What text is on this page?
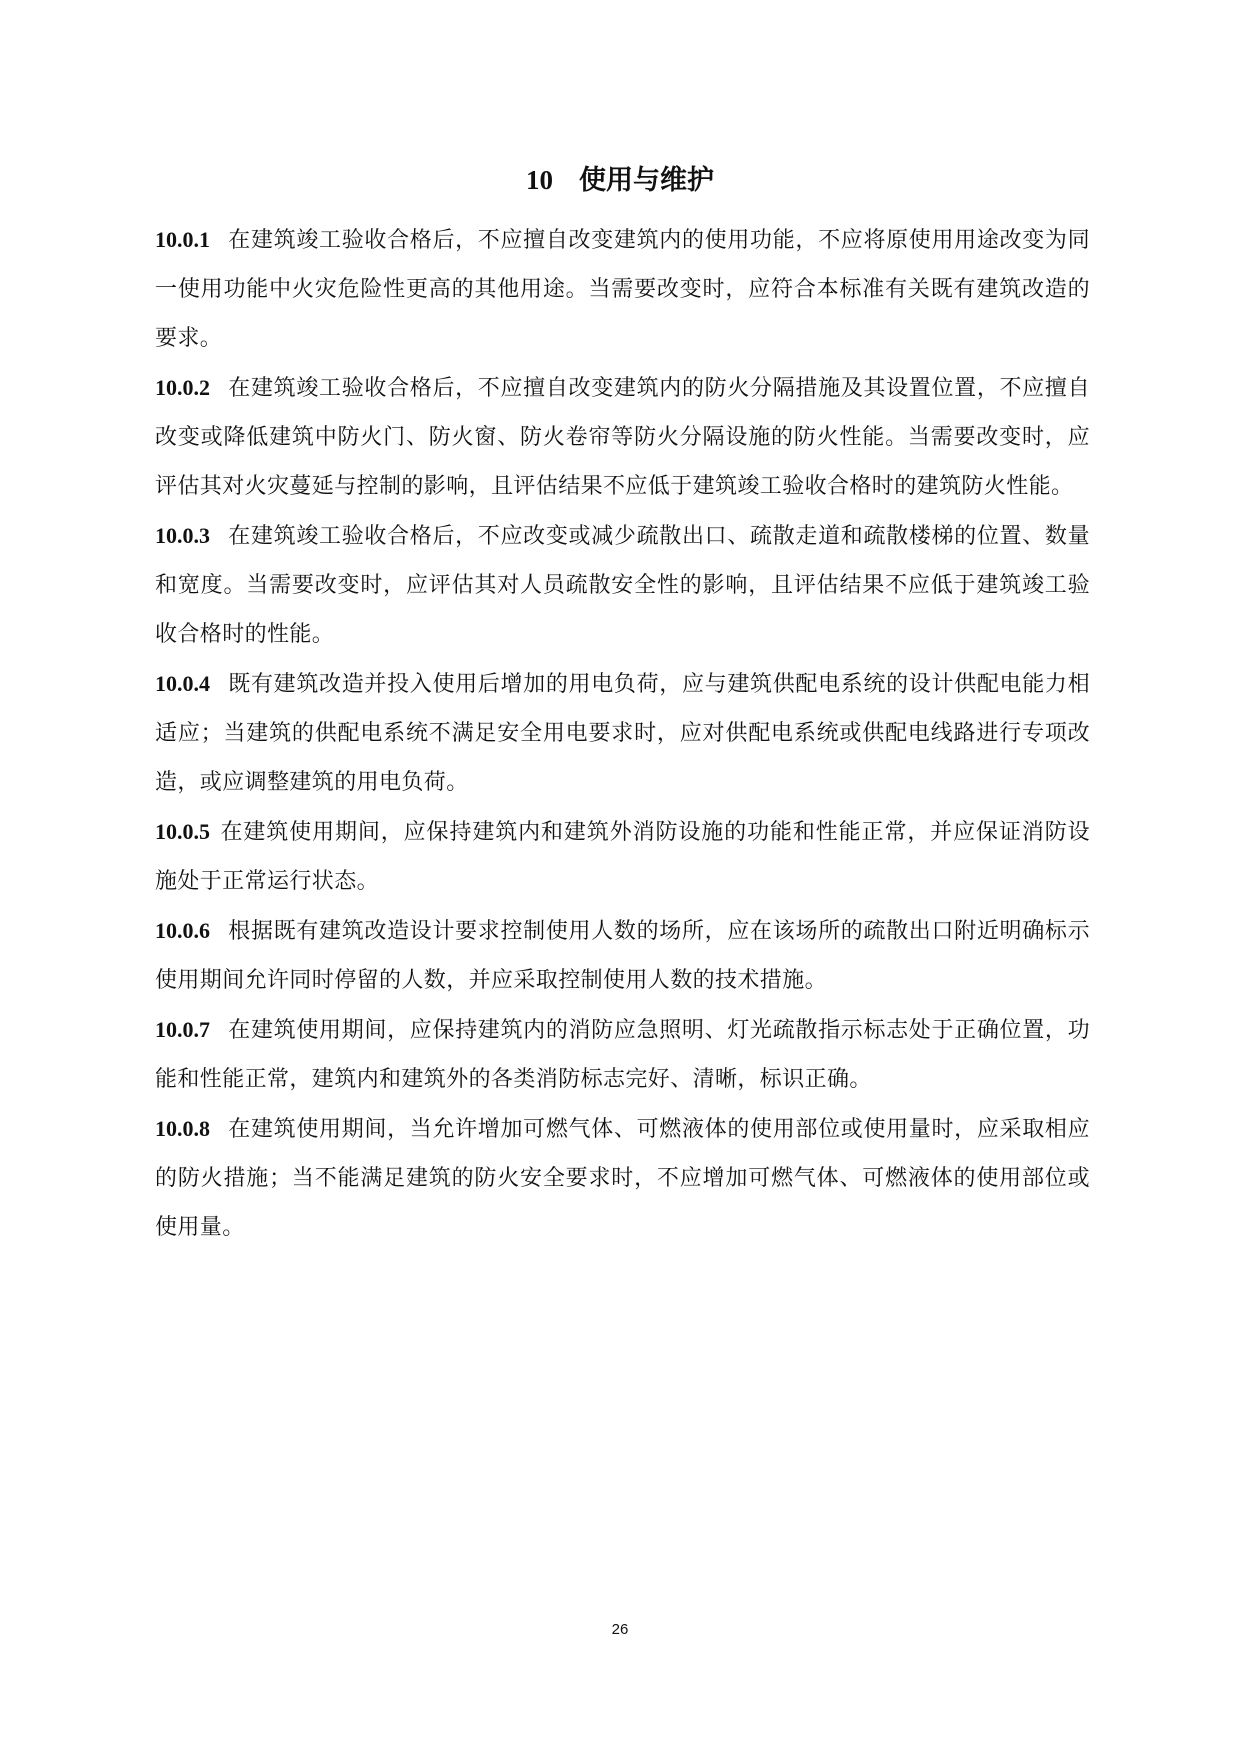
10 使用与维护

10.0.1 在建筑竣工验收合格后，不应擅自改变建筑内的使用功能，不应将原使用用途改变为同一使用功能中火灾危险性更高的其他用途。当需要改变时，应符合本标准有关既有建筑改造的要求。

10.0.2 在建筑竣工验收合格后，不应擅自改变建筑内的防火分隔措施及其设置位置，不应擅自改变或降低建筑中防火门、防火窗、防火卷帘等防火分隔设施的防火性能。当需要改变时，应评估其对火灾蔓延与控制的影响，且评估结果不应低于建筑竣工验收合格时的建筑防火性能。

10.0.3 在建筑竣工验收合格后，不应改变或减少疏散出口、疏散走道和疏散楼梯的位置、数量和宽度。当需要改变时，应评估其对人员疏散安全性的影响，且评估结果不应低于建筑竣工验收合格时的性能。

10.0.4 既有建筑改造并投入使用后增加的用电负荷，应与建筑供配电系统的设计供配电能力相适应；当建筑的供配电系统不满足安全用电要求时，应对供配电系统或供配电线路进行专项改造，或应调整建筑的用电负荷。

10.0.5 在建筑使用期间，应保持建筑内和建筑外消防设施的功能和性能正常，并应保证消防设施处于正常运行状态。

10.0.6 根据既有建筑改造设计要求控制使用人数的场所，应在该场所的疏散出口附近明确标示使用期间允许同时停留的人数，并应采取控制使用人数的技术措施。

10.0.7 在建筑使用期间，应保持建筑内的消防应急照明、灯光疏散指示标志处于正确位置，功能和性能正常，建筑内和建筑外的各类消防标志完好、清晰，标识正确。

10.0.8 在建筑使用期间，当允许增加可燃气体、可燃液体的使用部位或使用量时，应采取相应的防火措施；当不能满足建筑的防火安全要求时，不应增加可燃气体、可燃液体的使用部位或使用量。

26
